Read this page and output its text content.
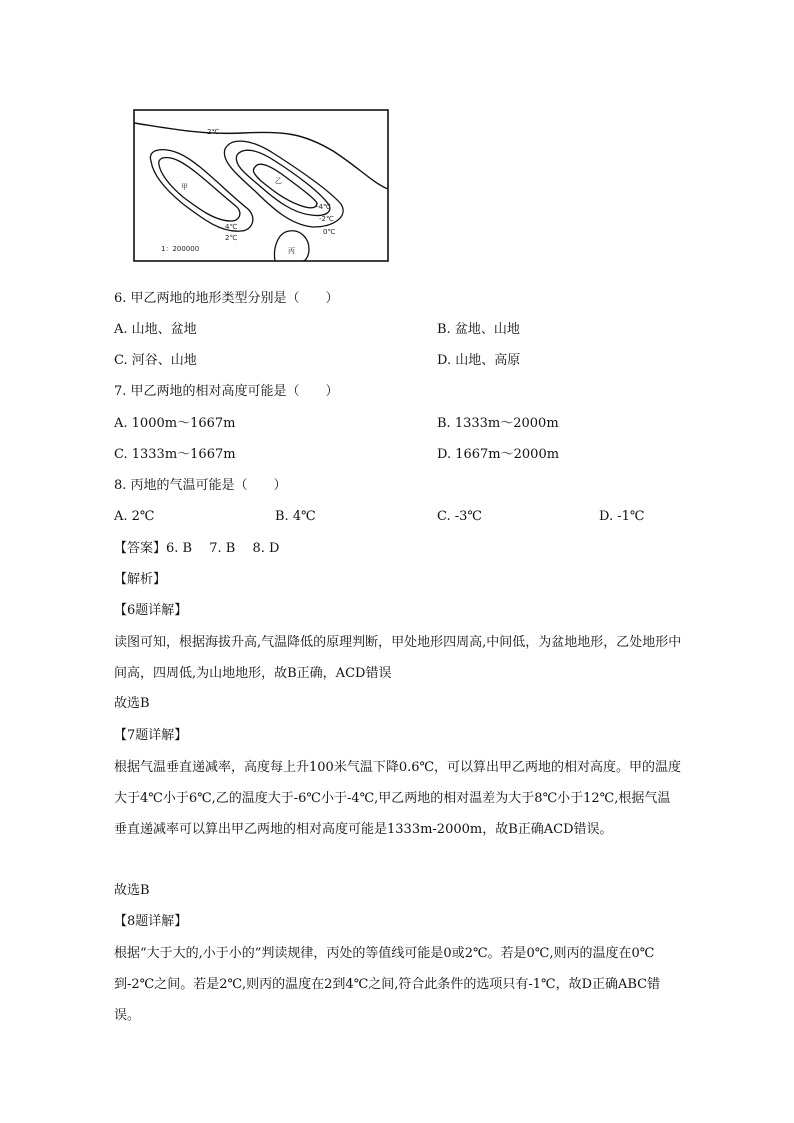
2℃
4℃
2℃
甲
乙
-4℃
-2℃
0℃
丙
1：200000
6. 甲乙两地的地形类型分别是（　　）
A. 山地、盆地	B. 盆地、山地
C. 河谷、山地	D. 山地、高原
7. 甲乙两地的相对高度可能是（　　）
A. 1000m～1667m	B. 1333m～2000m
C. 1333m～1667m	D. 1667m～2000m
8. 丙地的气温可能是（　　）
A. 2℃	B. 4℃	C. -3℃	D. -1℃
【答案】6. B　 7. B　 8. D
【解析】
【6题详解】
读图可知，根据海拔升高,气温降低的原理判断，甲处地形四周高,中间低，为盆地地形，乙处地形中间高，四周低,为山地地形，故B正确，ACD错误
故选B
【7题详解】
根据气温垂直递减率，高度每上升100米气温下降0.6℃，可以算出甲乙两地的相对高度。甲的温度大于4℃小于6℃,乙的温度大于-6℃小于-4℃,甲乙两地的相对温差为大于8℃小于12℃,根据气温垂直递减率可以算出甲乙两地的相对高度可能是1333m-2000m，故B正确ACD错误。
故选B
【8题详解】
根据“大于大的,小于小的”判读规律，丙处的等值线可能是0或2℃。若是0℃,则丙的温度在0℃到-2℃之间。若是2℃,则丙的温度在2到4℃之间,符合此条件的选项只有-1℃，故D正确ABC错误。
